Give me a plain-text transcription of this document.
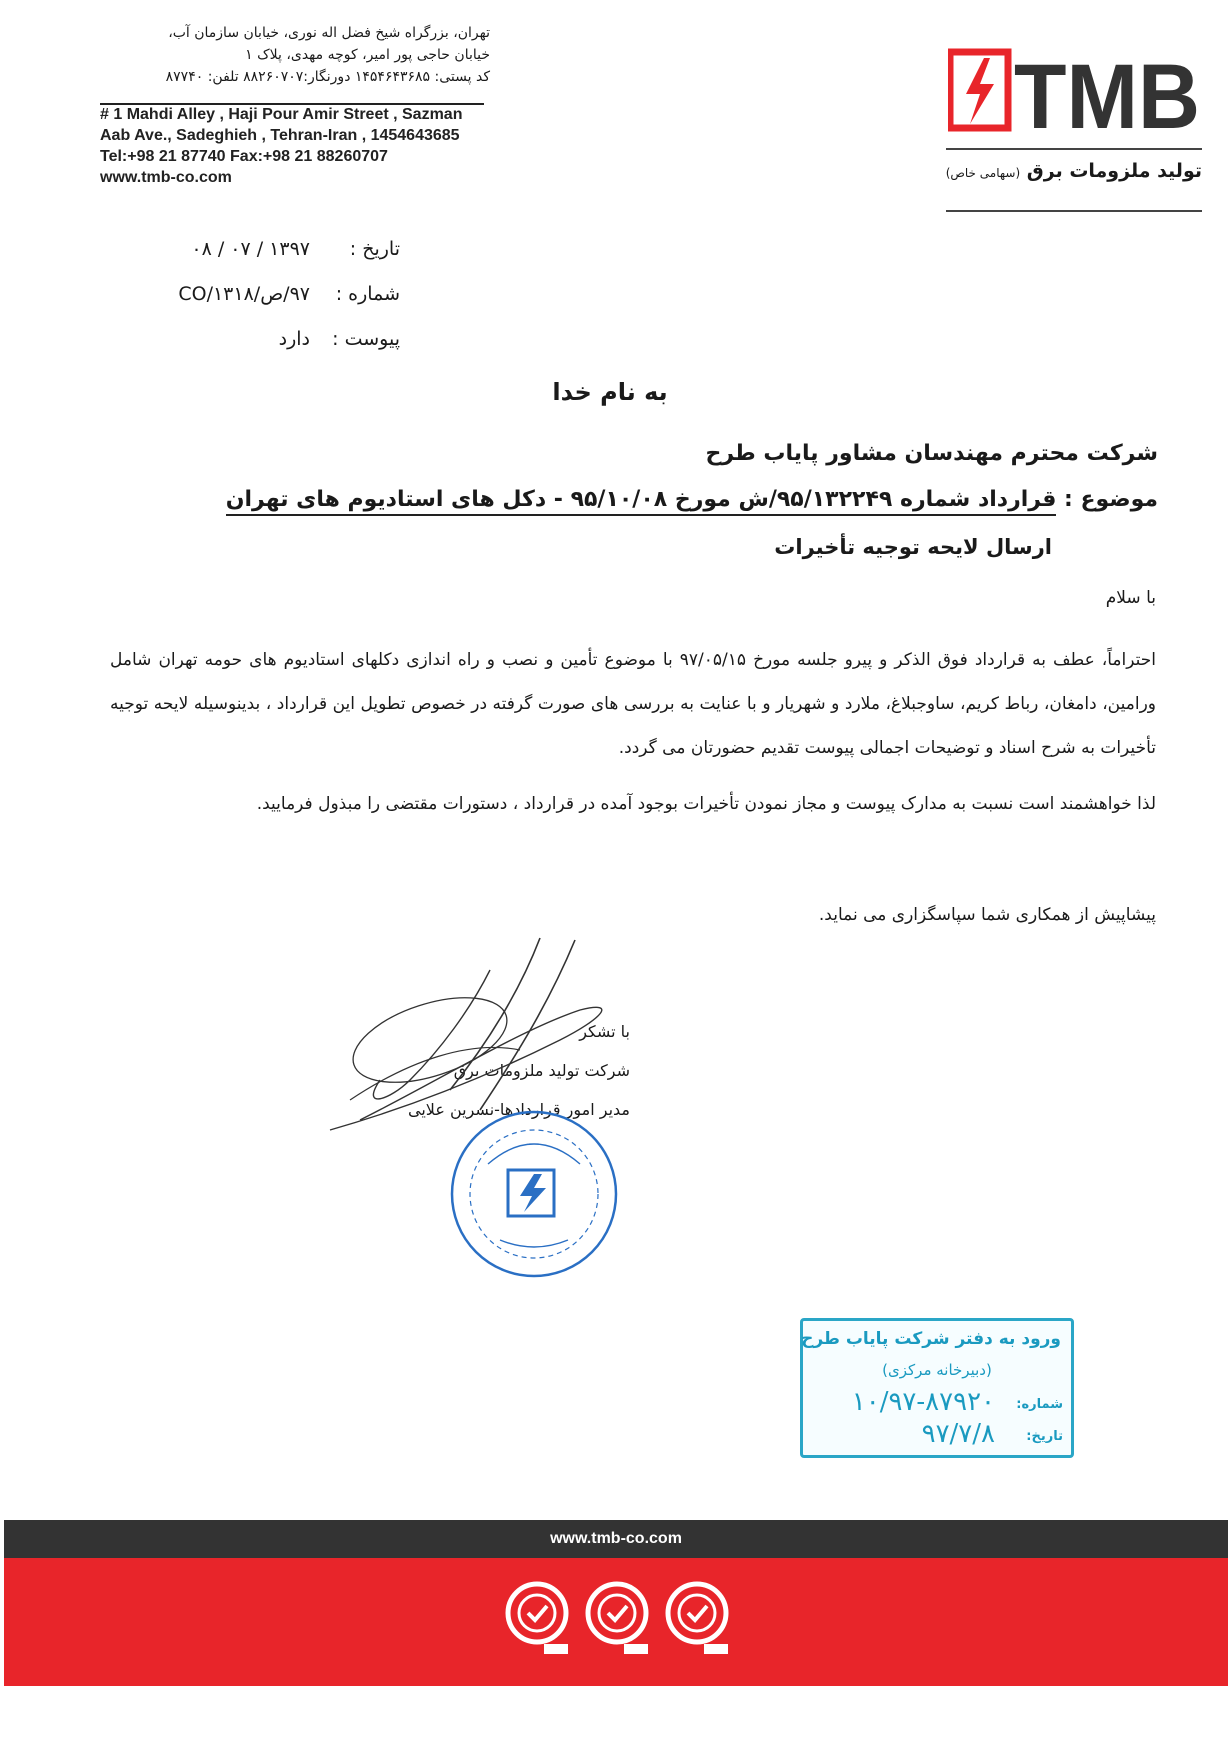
تهران، بزرگراه شیخ فضل اله نوری، خیابان سازمان آب،
خیابان حاجی پور امیر، کوچه مهدی، پلاک ۱
کد پستی: ۱۴۵۴۶۴۳۶۸۵ دورنگار:۸۸۲۶۰۷۰۷ تلفن: ۸۷۷۴۰
# 1 Mahdi Alley , Haji Pour Amir Street , Sazman
Aab Ave., Sadeghieh , Tehran-Iran , 1454643685
Tel:+98 21 87740 Fax:+98 21 88260707
www.tmb-co.com
TMB
تولید ملزومات برق (سهامی خاص)
تاریخ :
۱۳۹۷ / ۰۷ / ۰۸
شماره :
۹۷/ص/CO/۱۳۱۸
پیوست :
دارد
به نام خدا
شرکت محترم مهندسان مشاور پایاب طرح
موضوع : قرارداد شماره ۹۵/۱۳۲۲۴۹/ش مورخ ۹۵/۱۰/۰۸ - دکل های استادیوم های تهران
ارسال لایحه توجیه تأخیرات
با سلام
احتراماً، عطف به قرارداد فوق الذکر و پیرو جلسه مورخ ۹۷/۰۵/۱۵ با موضوع تأمین و نصب و راه اندازی دکلهای استادیوم های حومه تهران شامل ورامین، دامغان، رباط کریم، ساوجبلاغ، ملارد و شهریار و با عنایت به بررسی های صورت گرفته در خصوص تطویل این قرارداد ، بدینوسیله لایحه توجیه تأخیرات به شرح اسناد و توضیحات اجمالی پیوست تقدیم حضورتان می گردد.
لذا خواهشمند است نسبت به مدارک پیوست و مجاز نمودن تأخیرات بوجود آمده در قرارداد ، دستورات مقتضی را مبذول فرمایید.
پیشاپیش از همکاری شما سپاسگزاری می نماید.
با تشکر
شرکت تولید ملزومات برق
مدیر امور قراردادها-نسرین علایی
ورود به دفتر شرکت پایاب طرح
(دبیرخانه مرکزی)
شماره:
۱۰/۹۷-۸۷۹۲۰
تاریخ:
۹۷/۷/۸
www.tmb-co.com
